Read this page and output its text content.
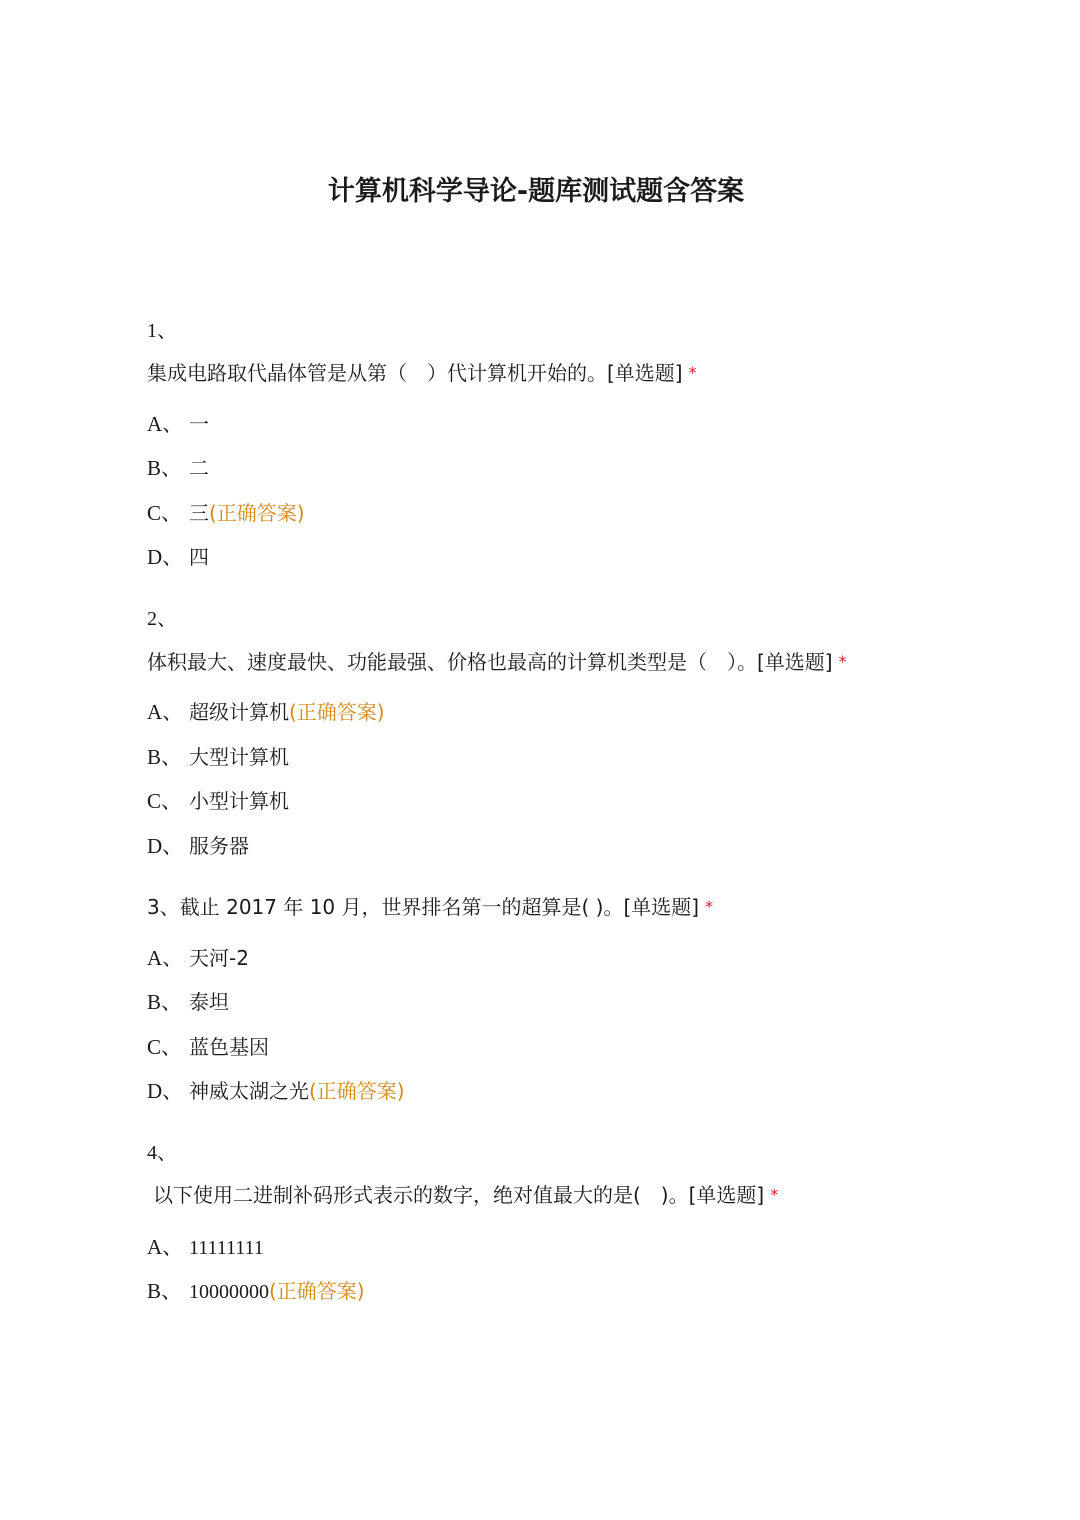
计算机科学导论-题库测试题含答案
1、
集成电路取代晶体管是从第（　）代计算机开始的。[单选题] *
A、 一
B、 二
C、 三(正确答案)
D、 四
2、
体积最大、速度最快、功能最强、价格也最高的计算机类型是（　）。[单选题] *
A、 超级计算机(正确答案)
B、 大型计算机
C、 小型计算机
D、 服务器
3、截止 2017 年 10 月，世界排名第一的超算是( )。[单选题] *
A、 天河-2
B、 泰坦
C、 蓝色基因
D、 神威太湖之光(正确答案)
4、
以下使用二进制补码形式表示的数字，绝对值最大的是(　)。[单选题] *
A、 11111111
B、 10000000(正确答案)
